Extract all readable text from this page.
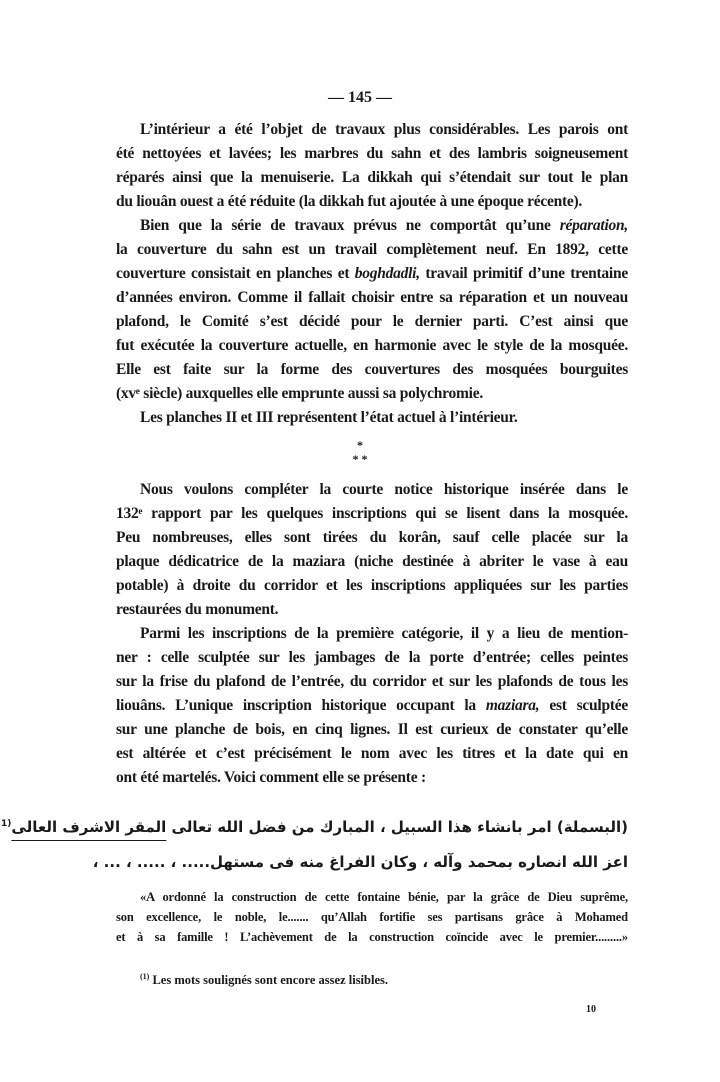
— 145 —
L’intérieur a été l’objet de travaux plus considérables. Les parois ont
été nettoyées et lavées; les marbres du sahn et des lambris soigneusement
réparés ainsi que la menuiserie. La dikkah qui s’étendait sur tout le plan
du liouân ouest a été réduite (la dikkah fut ajoutée à une époque récente).
Bien que la série de travaux prévus ne comportât qu’une réparation,
la couverture du sahn est un travail complètement neuf. En 1892, cette
couverture consistait en planches et boghdadli, travail primitif d’une trentaine
d’années environ. Comme il fallait choisir entre sa réparation et un nouveau
plafond, le Comité s’est décidé pour le dernier parti. C’est ainsi que
fut exécutée la couverture actuelle, en harmonie avec le style de la mosquée.
Elle est faite sur la forme des couvertures des mosquées bourguites
(xvᵉ siècle) auxquelles elle emprunte aussi sa polychromie.
Les planches II et III représentent l’état actuel à l’intérieur.
*
* *
Nous voulons compléter la courte notice historique insérée dans le
132ᵉ rapport par les quelques inscriptions qui se lisent dans la mosquée.
Peu nombreuses, elles sont tirées du korân, sauf celle placée sur la
plaque dédicatrice de la maziara (niche destinée à abriter le vase à eau
potable) à droite du corridor et les inscriptions appliquées sur les parties
restaurées du monument.
Parmi les inscriptions de la première catégorie, il y a lieu de mention-
ner : celle sculptée sur les jambages de la porte d’entrée; celles peintes
sur la frise du plafond de l’entrée, du corridor et sur les plafonds de tous les
liouâns. L’unique inscription historique occupant la maziara, est sculptée
sur une planche de bois, en cinq lignes. Il est curieux de constater qu’elle
est altérée et c’est précisément le nom avec les titres et la date qui en
ont été martelés. Voici comment elle se présente :
(البسملة) امر بانشاء هذا السبيل ، المبارك من فضل الله تعالى المقر الاشرف العالى$^{(1}$
اعز الله انصاره بمحمد وآله ، وكان الفراغ منه فى مستهل..... ، ..... ، ... ،
«A ordonné la construction de cette fontaine bénie, par la grâce de Dieu suprême,
son excellence, le noble, le....... qu’Allah fortifie ses partisans grâce à Mohamed
et à sa famille ! L’achèvement de la construction coïncide avec le premier.........»
$^{(1)}$ Les mots soulignés sont encore assez lisibles.
10
